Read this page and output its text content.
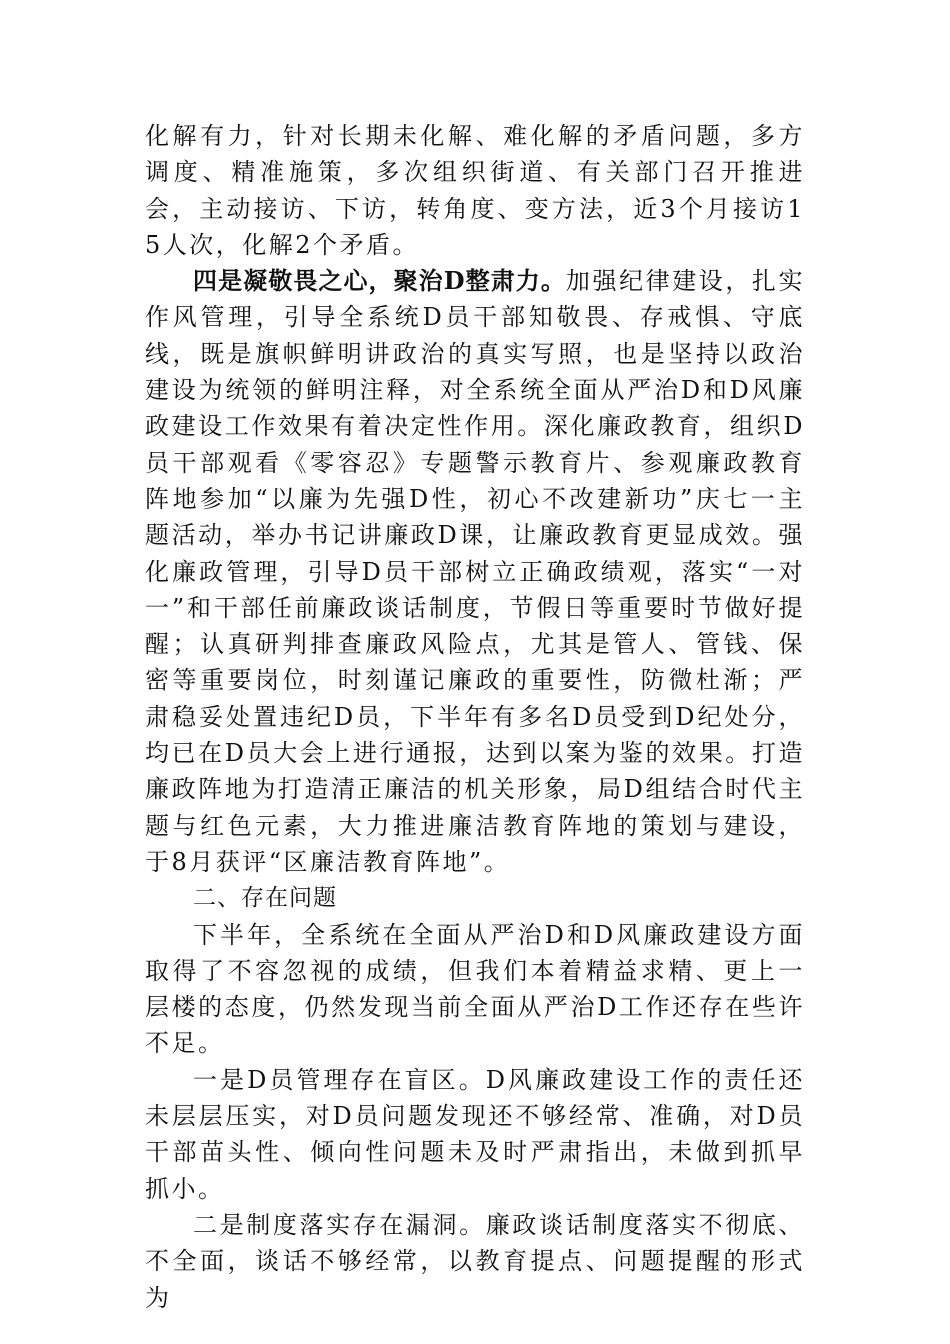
化解有力，针对长期未化解、难化解的矛盾问题，多方调度、精准施策，多次组织街道、有关部门召开推进会，主动接访、下访，转角度、变方法，近3个月接访15人次，化解2个矛盾。

四是凝敬畏之心，聚治D整肃力。加强纪律建设，扎实作风管理，引导全系统D员干部知敬畏、存戒惧、守底线，既是旗帜鲜明讲政治的真实写照，也是坚持以政治建设为统领的鲜明注释，对全系统全面从严治D和D风廉政建设工作效果有着决定性作用。深化廉政教育，组织D员干部观看《零容忍》专题警示教育片、参观廉政教育阵地参加“以廉为先强D性，初心不改建新功”庆七一主题活动，举办书记讲廉政D课，让廉政教育更显成效。强化廉政管理，引导D员干部树立正确政绩观，落实“一对一”和干部任前廉政谈话制度，节假日等重要时节做好提醒；认真研判排查廉政风险点，尤其是管人、管钱、保密等重要岗位，时刻谨记廉政的重要性，防微杜渐；严肃稳妥处置违纪D员，下半年有多名D员受到D纪处分，均已在D员大会上进行通报，达到以案为鉴的效果。打造廉政阵地为打造清正廉洁的机关形象，局D组结合时代主题与红色元素，大力推进廉洁教育阵地的策划与建设，于8月获评“区廉洁教育阵地”。

二、存在问题

下半年，全系统在全面从严治D和D风廉政建设方面取得了不容忽视的成绩，但我们本着精益求精、更上一层楼的态度，仍然发现当前全面从严治D工作还存在些许不足。

一是D员管理存在盲区。D风廉政建设工作的责任还未层层压实，对D员问题发现还不够经常、准确，对D员干部苗头性、倾向性问题未及时严肃指出，未做到抓早抓小。

二是制度落实存在漏洞。廉政谈话制度落实不彻底、不全面，谈话不够经常，以教育提点、问题提醒的形式为
